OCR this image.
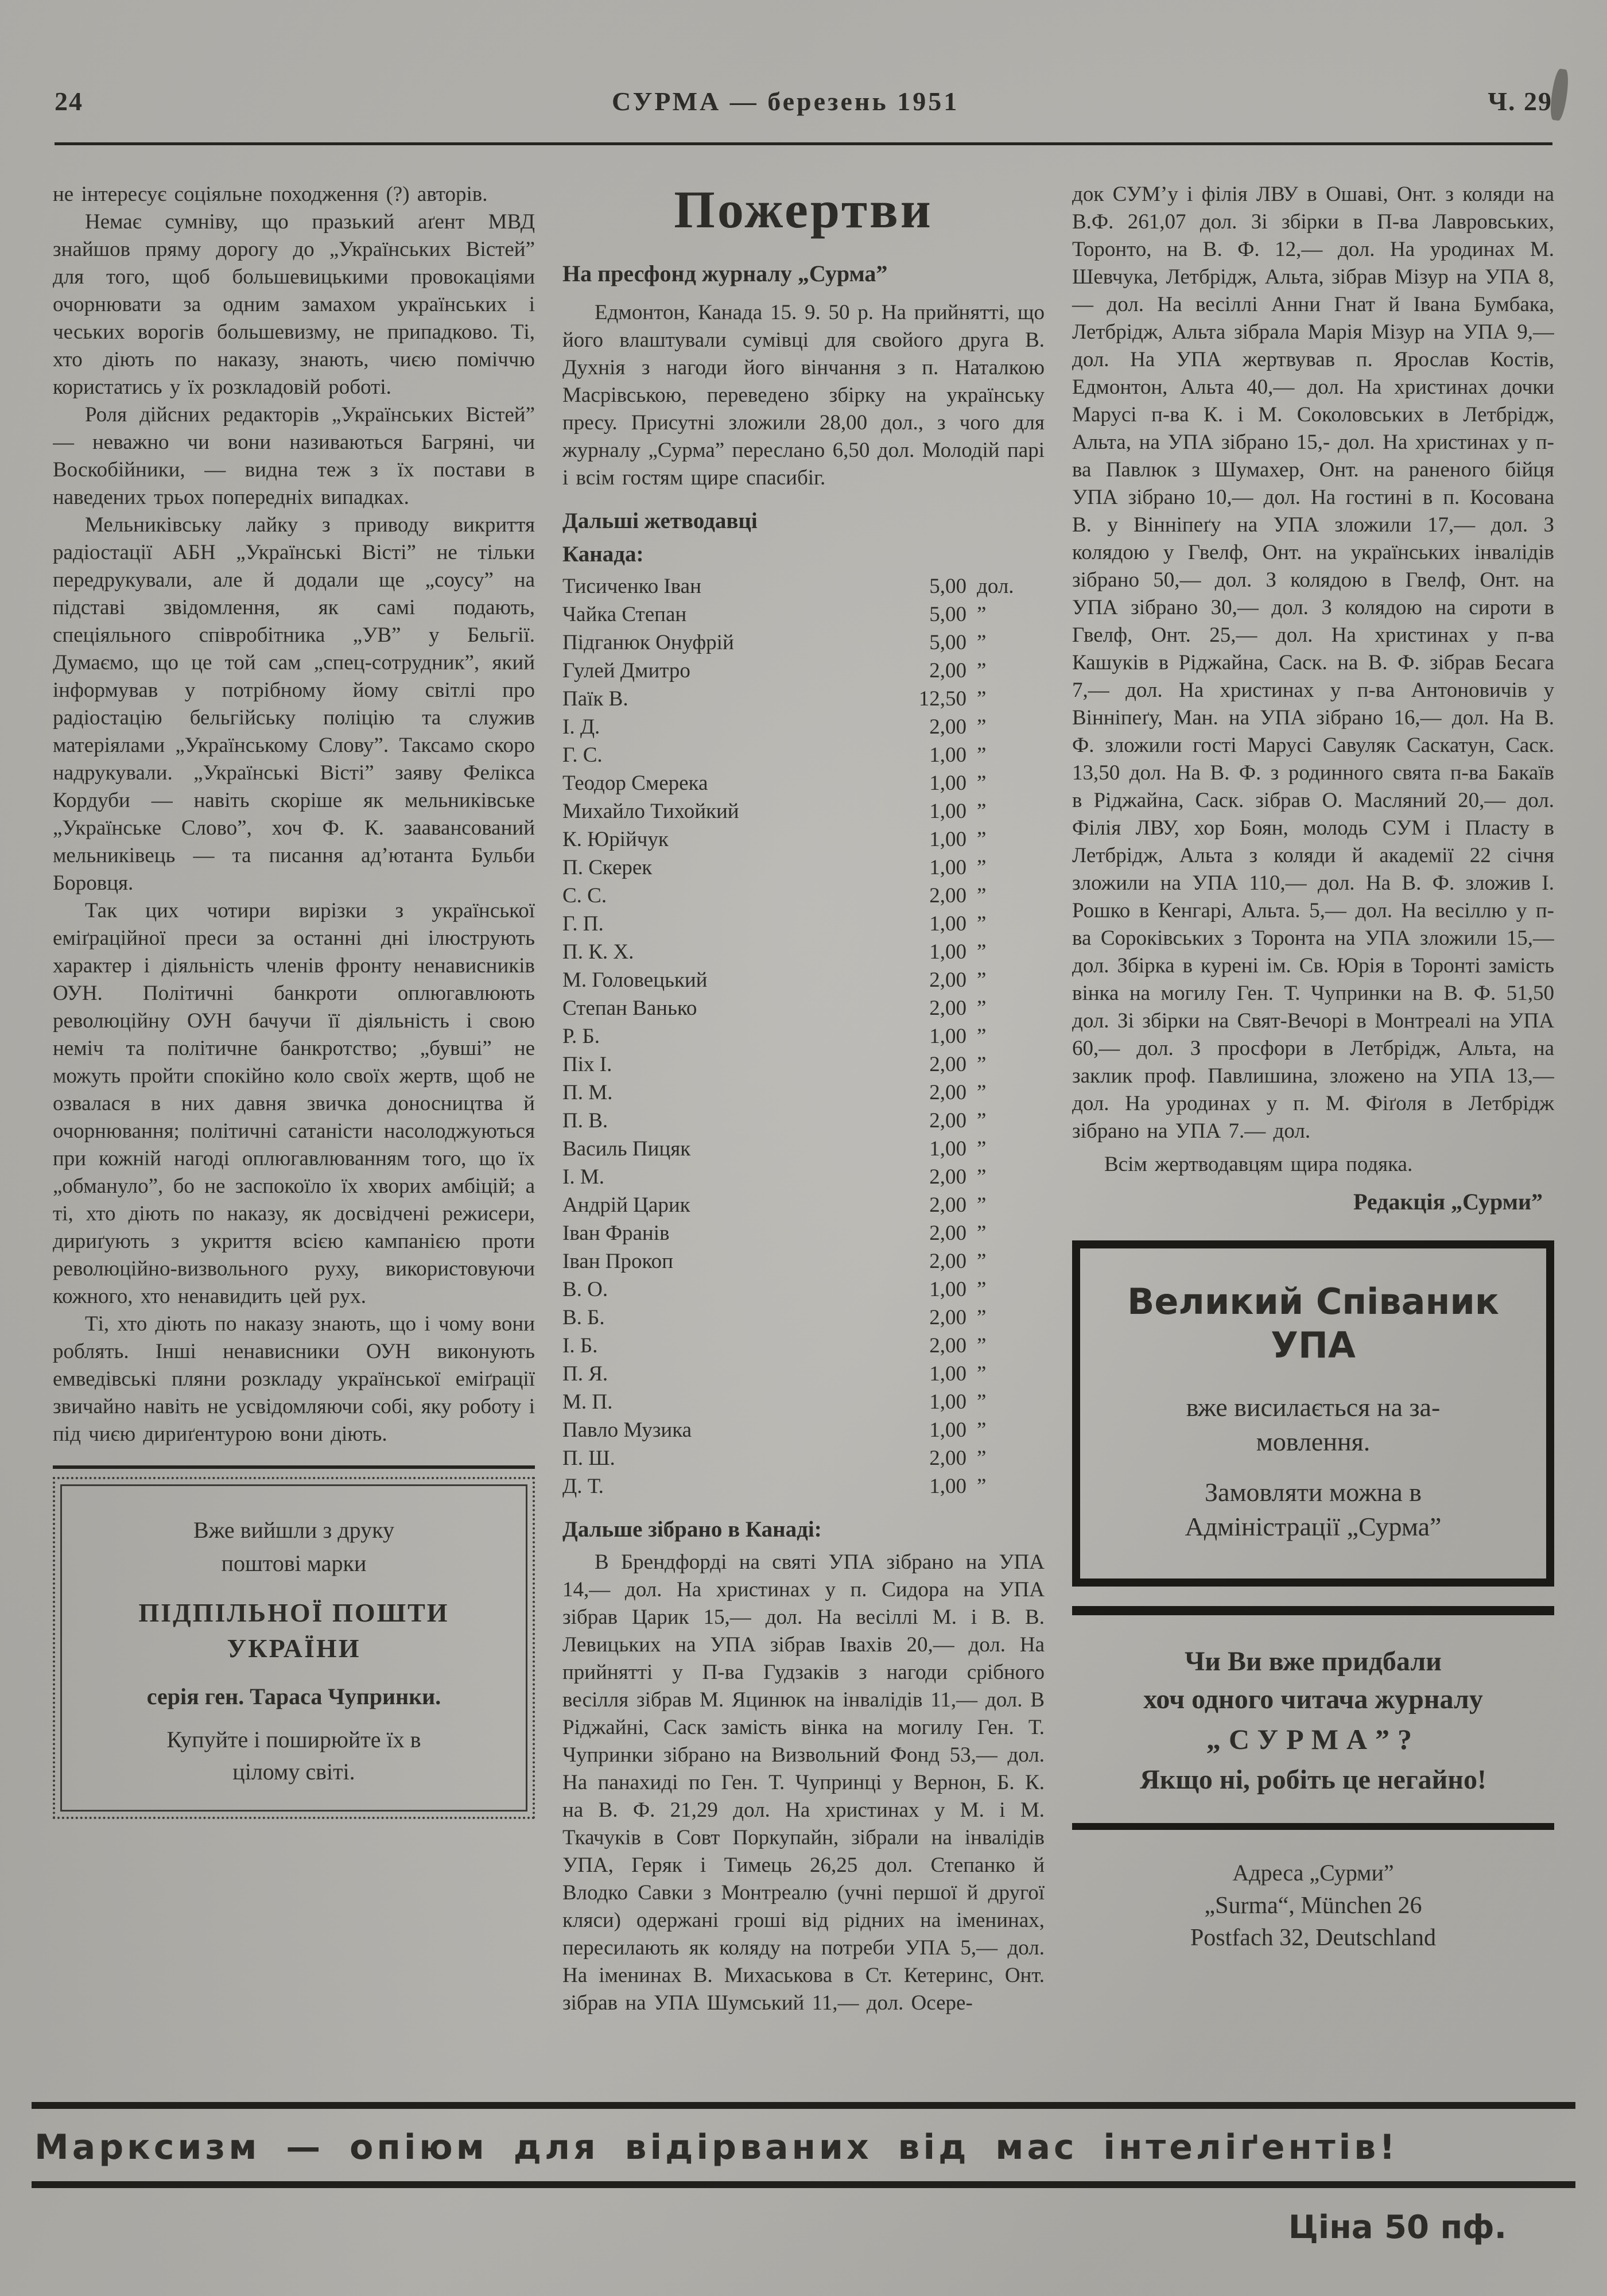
24	СУРМА — березень 1951	Ч. 29

не інтересує соціяльне походження (?) авторів.

Немає сумніву, що празький аґент МВД знайшов пряму дорогу до „Українських Вістей” для того, щоб большевицькими провокаціями очорнювати за одним замахом українських і чеських ворогів большевизму, не припадково. Ті, хто діють по наказу, знають, чиєю поміччю користатись у їх розкладовій роботі.

Роля дійсних редакторів „Українських Вістей” — неважно чи вони називаються Багряні, чи Воскобійники, — видна теж з їх постави в наведених трьох попередніх випадках.

Мельниківську лайку з приводу викриття радіостації АБН „Українські Вісті” не тільки передрукували, але й додали ще „соусу” на підставі звідомлення, як самі подають, спеціяльного співробітника „УВ” у Бельгії. Думаємо, що це той сам „спец-сотрудник”, який інформував у потрібному йому світлі про радіостацію бельгійську поліцію та служив матеріялами „Українському Слову”. Таксамо скоро надрукували. „Українські Вісті” заяву Фелікса Кордуби — навіть скоріше як мельниківське „Українське Слово”, хоч Ф. К. заавансований мельниківець — та писання ад’ютанта Бульби Боровця.

Так цих чотири вирізки з української еміґраційної преси за останні дні ілюструють характер і діяльність членів фронту ненависників ОУН. Політичні банкроти оплюгавлюють революційну ОУН бачучи її діяльність і свою неміч та політичне банкротство; „бувші” не можуть пройти спокійно коло своїх жертв, щоб не озвалася в них давня звичка доносництва й очорнювання; політичні сатаністи насолоджуються при кожній нагоді оплюгавлюванням того, що їх „обмануло”, бо не заспокоїло їх хворих амбіцій; а ті, хто діють по наказу, як досвідчені режисери, дириґують з укриття всією кампанією проти революційно-визвольного руху, використовуючи кожного, хто ненавидить цей рух.

Ті, хто діють по наказу знають, що і чому вони роблять. Інші ненависники ОУН виконують емведівські пляни розкладу української еміґрації звичайно навіть не усвідомляючи собі, яку роботу і під чиєю дириґентурою вони діють.

Вже вийшли з друку
поштові марки
ПІДПІЛЬНОЇ ПОШТИ
УКРАЇНИ
серія ген. Тараса Чупринки.
Купуйте і поширюйте їх в
цілому світі.
Пожертви
На пресфонд журналу „Сурма”

Едмонтон, Канада 15. 9. 50 р. На прийнятті, що його влаштували сумівці для свойого друга В. Духнія з нагоди його вінчання з п. Наталкою Масрівською, переведено збірку на українську пресу. Присутні зложили 28,00 дол., з чого для журналу „Сурма” переслано 6,50 дол. Молодій парі і всім гостям щире спасибіг.

Дальші жетводавці
Канада:
Тисиченко Іван	5,00 дол.
Чайка Степан	5,00 ”
Підганюк Онуфрій	5,00 ”
Гулей Дмитро	2,00 ”
Паїк В.	12,50 ”
І. Д.	2,00 ”
Г. С.	1,00 ”
Теодор Смерека	1,00 ”
Михайло Тихойкий	1,00 ”
К. Юрійчук	1,00 ”
П. Скерек	1,00 ”
С. С.	2,00 ”
Г. П.	1,00 ”
П. К. Х.	1,00 ”
М. Головецький	2,00 ”
Степан Ванько	2,00 ”
Р. Б.	1,00 ”
Піх І.	2,00 ”
П. М.	2,00 ”
П. В.	2,00 ”
Василь Пицяк	1,00 ”
І. М.	2,00 ”
Андрій Царик	2,00 ”
Іван Франів	2,00 ”
Іван Прокоп	2,00 ”
В. О.	1,00 ”
В. Б.	2,00 ”
І. Б.	2,00 ”
П. Я.	1,00 ”
М. П.	1,00 ”
Павло Музика	1,00 ”
П. Ш.	2,00 ”
Д. Т.	1,00 ”
Дальше зібрано в Канаді:

В Брендфорді на святі УПА зібрано на УПА 14,— дол. На христинах у п. Сидора на УПА зібрав Царик 15,— дол. На весіллі М. і В. В. Левицьких на УПА зібрав Івахів 20,— дол. На прийнятті у П-ва Гудзаків з нагоди срібного весілля зібрав М. Яцинюк на інвалідів 11,— дол. В Ріджайні, Саск замість вінка на могилу Ген. Т. Чупринки зібрано на Визвольний Фонд 53,— дол. На панахиді по Ген. Т. Чупринці у Вернон, Б. К. на В. Ф. 21,29 дол. На христинах у М. і М. Ткачуків в Совт Поркупайн, зібрали на інвалідів УПА, Геряк і Тимець 26,25 дол. Степанко й Влодко Савки з Монтреалю (учні першої й другої кляси) одержані гроші від рідних на іменинах, пересилають як коляду на потреби УПА 5,— дол. На іменинах В. Михаськова в Ст. Кетеринс, Онт. зібрав на УПА Шумський 11,— дол. Осере-

док СУМ’у і філія ЛВУ в Ошаві, Онт. з коляди на В.Ф. 261,07 дол. Зі збірки в П-ва Лавровських, Торонто, на В. Ф. 12,— дол. На уродинах М. Шевчука, Летбрідж, Альта, зібрав Мізур на УПА 8,— дол. На весіллі Анни Гнат й Івана Бумбака, Летбрідж, Альта зібрала Марія Мізур на УПА 9,— дол. На УПА жертвував п. Ярослав Костів, Едмонтон, Альта 40,— дол. На христинах дочки Марусі п-ва К. і М. Соколовських в Летбрідж, Альта, на УПА зібрано 15,- дол. На христинах у п-ва Павлюк з Шумахер, Онт. на раненого бійця УПА зібрано 10,— дол. На гостині в п. Косована В. у Вінніпеґу на УПА зложили 17,— дол. З колядою у Гвелф, Онт. на українських інвалідів зібрано 50,— дол. З колядою в Гвелф, Онт. на УПА зібрано 30,— дол. З колядою на сироти в Гвелф, Онт. 25,— дол. На христинах у п-ва Кашуків в Ріджайна, Саск. на В. Ф. зібрав Бесага 7,— дол. На христинах у п-ва Антоновичів у Вінніпеґу, Ман. на УПА зібрано 16,— дол. На В. Ф. зложили гості Марусі Савуляк Саскатун, Саск. 13,50 дол. На В. Ф. з родинного свята п-ва Бакаїв в Ріджайна, Саск. зібрав О. Масляний 20,— дол. Філія ЛВУ, хор Боян, молодь СУМ і Пласту в Летбрідж, Альта з коляди й академії 22 січня зложили на УПА 110,— дол. На В. Ф. зложив І. Рошко в Кенгарі, Альта. 5,— дол. На весіллю у п-ва Сороківських з Торонта на УПА зложили 15,— дол. Збірка в курені ім. Св. Юрія в Торонті замість вінка на могилу Ген. Т. Чупринки на В. Ф. 51,50 дол. Зі збірки на Свят-Вечорі в Монтреалі на УПА 60,— дол. З просфори в Летбрідж, Альта, на заклик проф. Павлишина, зложено на УПА 13,— дол. На уродинах у п. М. Фіґоля в Летбрідж зібрано на УПА 7.— дол.

Всім жертводавцям щира подяка.

Редакція „Сурми”
Великий Співаник
УПА
вже висилається на за-
мовлення.
Замовляти можна в
Адміністрації „Сурма”
Чи Ви вже придбали
хоч одного читача журналу
„СУРМА”?
Якщо ні, робіть це негайно!
Адреса „Сурми”
„Surma“, München 26
Postfach 32, Deutschland
Марксизм — опіюм для відірваних від мас інтеліґентів!
Ціна 50 пф.
